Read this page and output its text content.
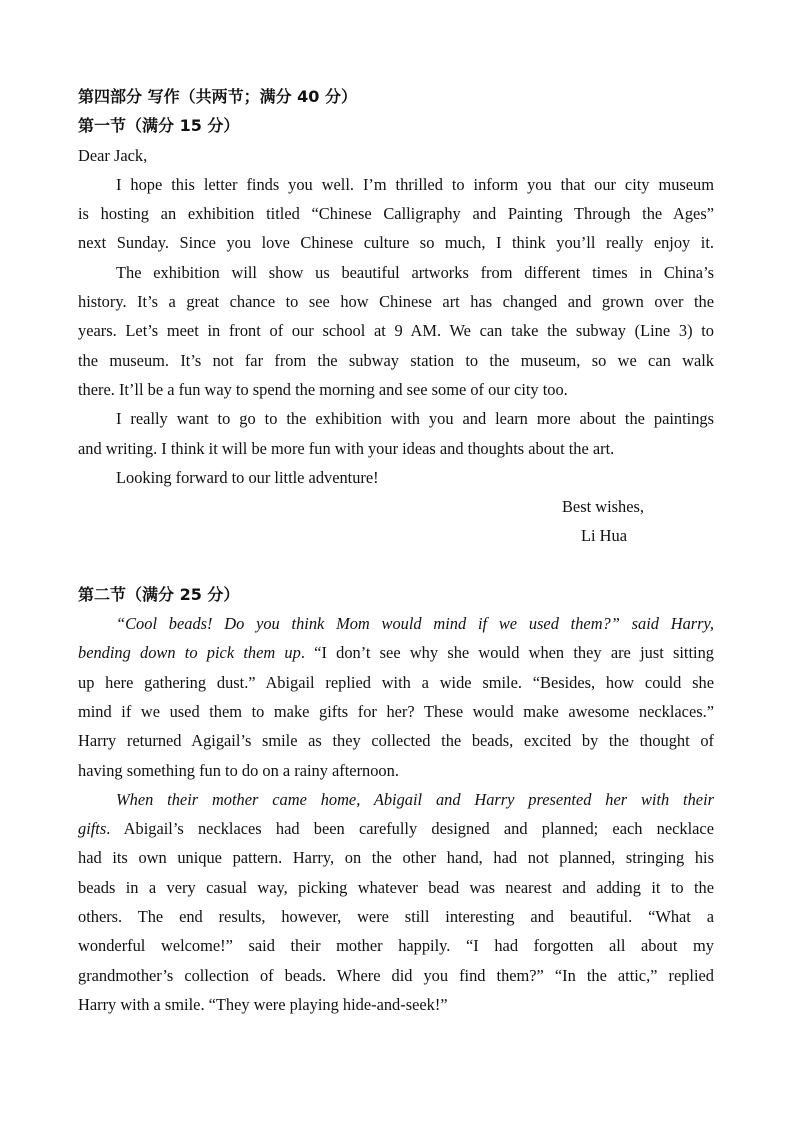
第四部分 写作（共两节；满分 40 分）
第一节（满分 15 分）
Dear Jack,
I hope this letter finds you well. I’m thrilled to inform you that our city museum
is hosting an exhibition titled “Chinese Calligraphy and Painting Through the Ages”
next Sunday. Since you love Chinese culture so much, I think you’ll really enjoy it.
The exhibition will show us beautiful artworks from different times in China’s
history. It’s a great chance to see how Chinese art has changed and grown over the
years. Let’s meet in front of our school at 9 AM. We can take the subway (Line 3) to
the museum. It’s not far from the subway station to the museum, so we can walk
there. It’ll be a fun way to spend the morning and see some of our city too.
I really want to go to the exhibition with you and learn more about the paintings
and writing. I think it will be more fun with your ideas and thoughts about the art.
Looking forward to our little adventure!
Best wishes,
Li Hua
第二节（满分 25 分）
“Cool beads! Do you think Mom would mind if we used them?” said Harry,
bending down to pick them up. “I don’t see why she would when they are just sitting
up here gathering dust.” Abigail replied with a wide smile. “Besides, how could she
mind if we used them to make gifts for her? These would make awesome necklaces.”
Harry returned Agigail’s smile as they collected the beads, excited by the thought of
having something fun to do on a rainy afternoon.
When their mother came home, Abigail and Harry presented her with their
gifts. Abigail’s necklaces had been carefully designed and planned; each necklace
had its own unique pattern. Harry, on the other hand, had not planned, stringing his
beads in a very casual way, picking whatever bead was nearest and adding it to the
others. The end results, however, were still interesting and beautiful. “What a
wonderful welcome!” said their mother happily. “I had forgotten all about my
grandmother’s collection of beads. Where did you find them?” “In the attic,” replied
Harry with a smile. “They were playing hide-and-seek!”
